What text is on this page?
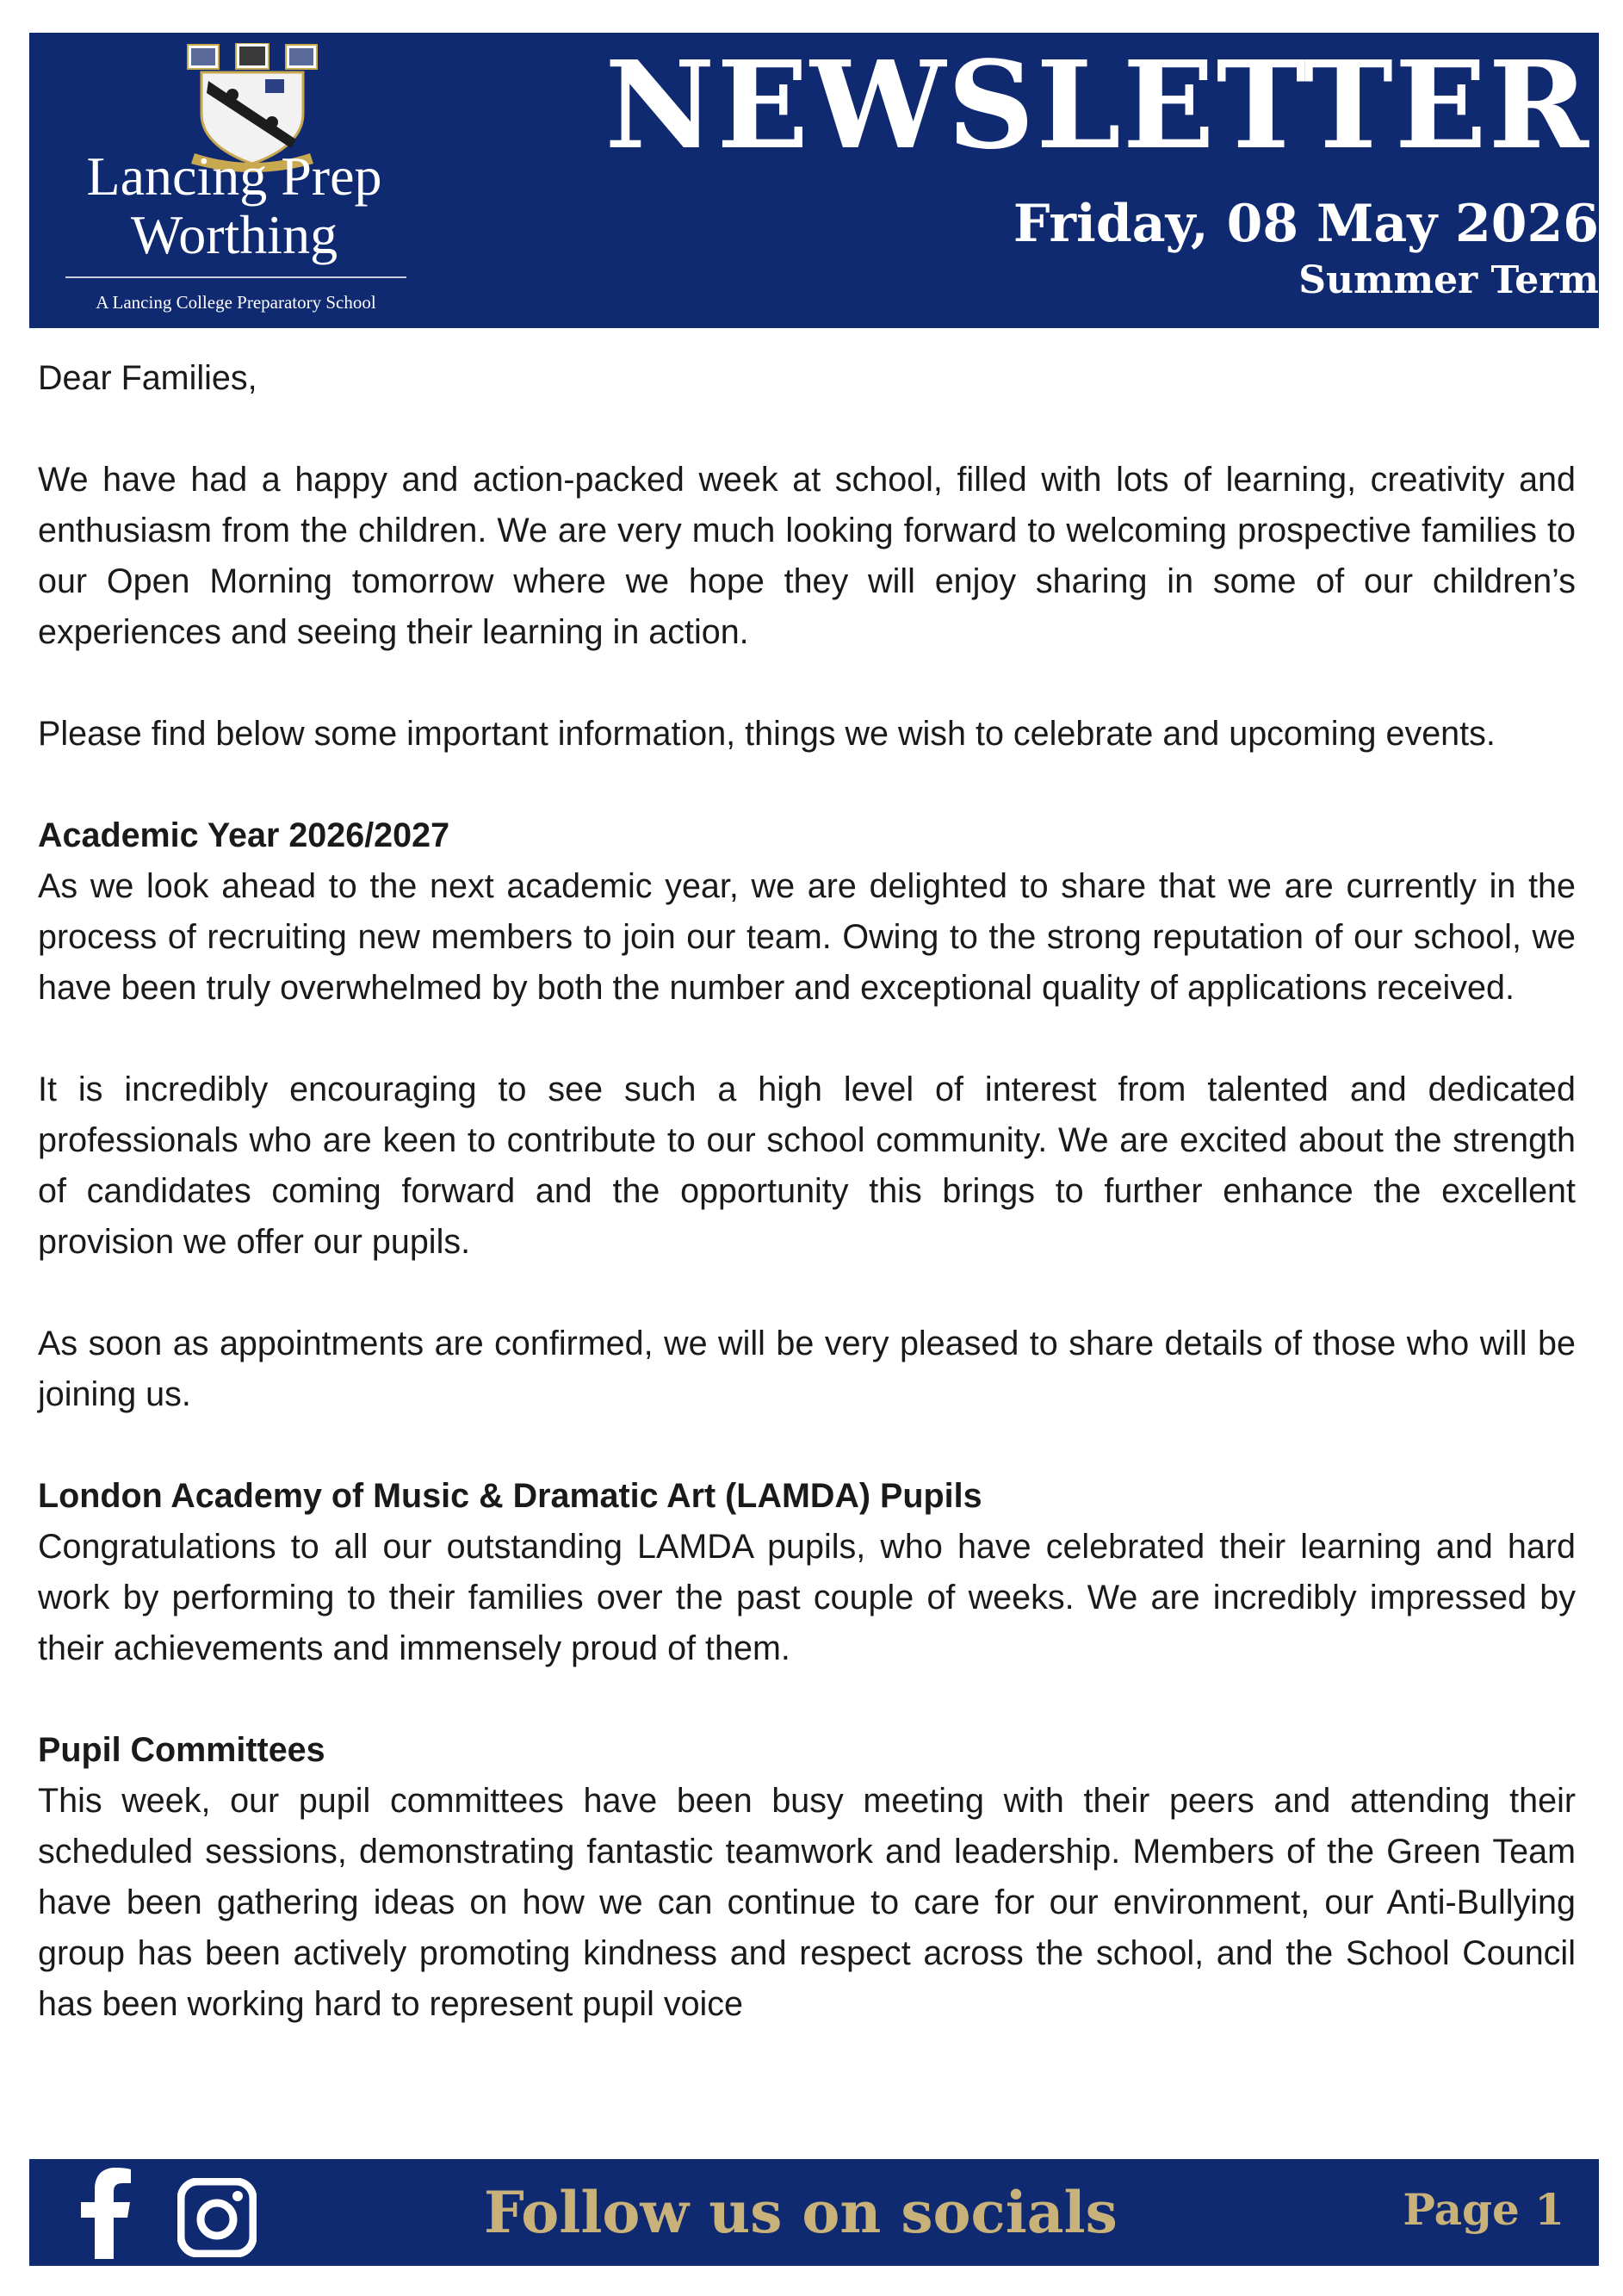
Lancing Prep
Worthing
A Lancing College Preparatory School
NEWSLETTER
Friday, 08 May 2026
Summer Term

Dear Families,

We have had a happy and action-packed week at school, filled with lots of learning, creativity and enthusiasm from the children. We are very much looking forward to welcoming prospective families to our Open Morning tomorrow where we hope they will enjoy sharing in some of our children’s experiences and seeing their learning in action.

Please find below some important information, things we wish to celebrate and upcoming events.

Academic Year 2026/2027

As we look ahead to the next academic year, we are delighted to share that we are currently in the process of recruiting new members to join our team. Owing to the strong reputation of our school, we have been truly overwhelmed by both the number and exceptional quality of applications received.

It is incredibly encouraging to see such a high level of interest from talented and dedicated professionals who are keen to contribute to our school community. We are excited about the strength of candidates coming forward and the opportunity this brings to further enhance the excellent provision we offer our pupils.

As soon as appointments are confirmed, we will be very pleased to share details of those who will be joining us.

London Academy of Music & Dramatic Art (LAMDA) Pupils

Congratulations to all our outstanding LAMDA pupils, who have celebrated their learning and hard work by performing to their families over the past couple of weeks. We are incredibly impressed by their achievements and immensely proud of them.

Pupil Committees

This week, our pupil committees have been busy meeting with their peers and attending their scheduled sessions, demonstrating fantastic teamwork and leadership. Members of the Green Team have been gathering ideas on how we can continue to care for our environment, our Anti-Bullying group has been actively promoting kindness and respect across the school, and the School Council has been working hard to represent pupil voice

Follow us on socials	Page 1
